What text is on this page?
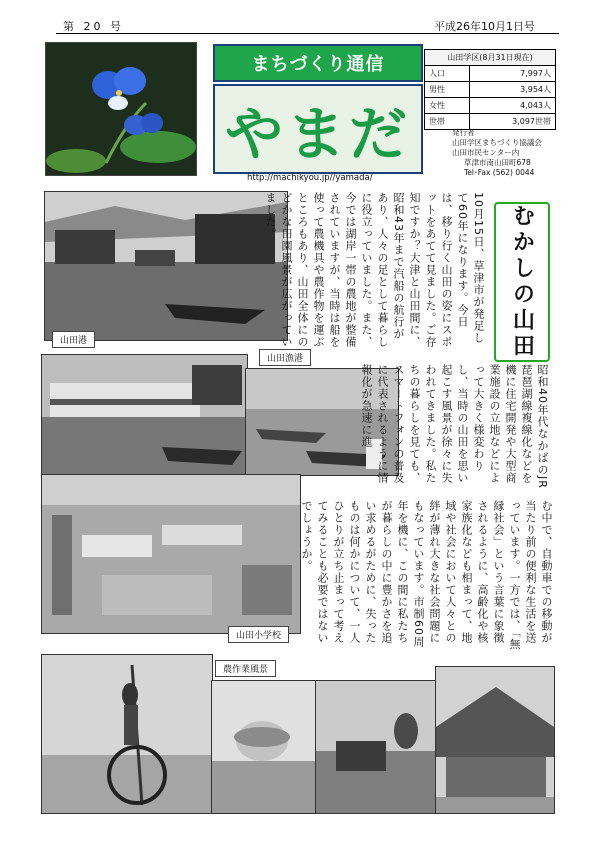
第 20 号	平成26年10月1日号
まちづくり通信
やまだ
http://machikyou.jp//yamada/
山田学区(8月31日現在)	
人口	7,997人
男性	3,954人
女性	4,043人
世帯	3,097世帯
発行者
山田学区まちづくり協議会
山田市民センター内
草津市南山田町678
Tel･Fax (562) 0044
山田港
山田漁港
山田小学校
農作業風景
むかしの山田
10月15日、草津市が発足して60年になります。今日は、移り行く山田の姿にスポットをあてて見ました。ご存知ですか？大津と山田間に、昭和43年まで汽船の航行があり、人々の足として暮らしに役立っていました。また、今では湖岸一帯の農地が整備されていますが、当時は船を使って農機具や農作物を運ぶところもあり、山田全体にのどかな田園風景が広がっていました。
昭和40年代なかばのJR琵琶湖線複線化などを機に住宅開発や大型商業施設の立地などによって大きく様変わりし、当時の山田を思い起こす風景が徐々に失われてきました。私たちの暮らしを見ても、スマートフォンの普及に代表されるように情報化が急速に進
む中で、自動車での移動が当たり前の便利な生活を送っています。一方では、「無縁社会」という言葉に象徴されるように、高齢化や核家族化なども相まって、地域や社会において人々との絆が薄れ大きな社会問題にもなっています。市制60周年を機に、この間に私たちが暮らしの中に豊かさを追い求めるがために、失ったものは何かについて、一人ひとりが立ち止まって考えてみることも必要ではないでしょうか。
